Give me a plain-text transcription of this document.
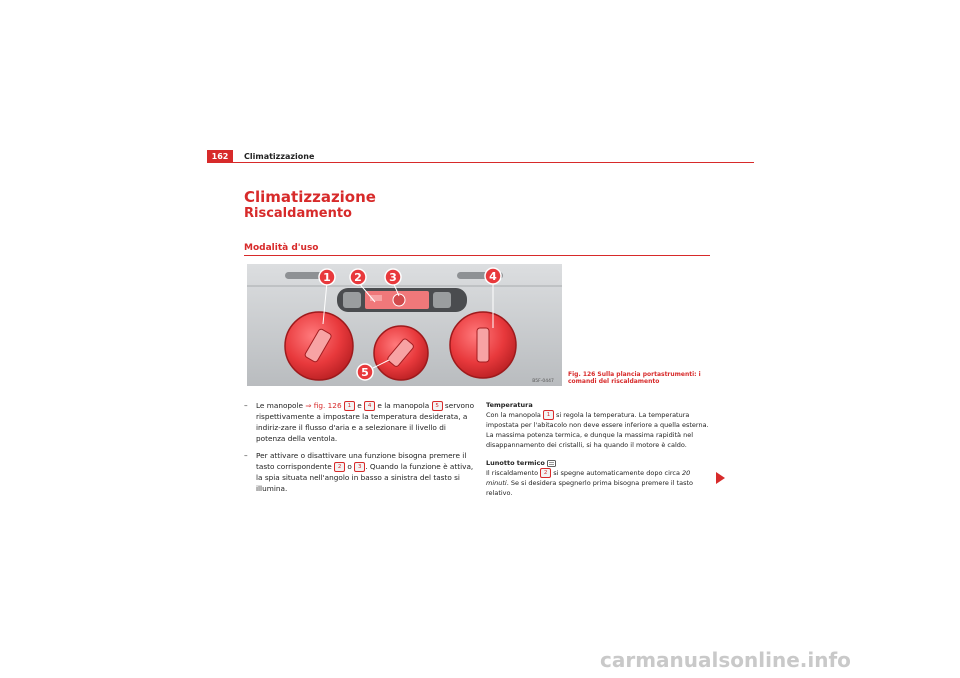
162	Climatizzazione
Climatizzazione
Riscaldamento
Modalità d'uso
1 2 3	4
5
B5F-0447
Fig. 126 Sulla plancia portastrumenti: i comandi del riscaldamento
–	Le manopole ⇒ fig. 126 1 e 4 e la manopola 5 servono rispettivamente a impostare la temperatura desiderata, a indiriz-zare il flusso d'aria e a selezionare il livello di potenza della ventola.
–	Per attivare o disattivare una funzione bisogna premere il tasto corrispondente 2 o 3 . Quando la funzione è attiva, la spia situata nell'angolo in basso a sinistra del tasto si illumina.
Temperatura

Con la manopola 1 si regola la temperatura. La temperatura impostata per l'abitacolo non deve essere inferiore a quella esterna. La massima potenza termica, e dunque la massima rapidità nel disappannamento dei cristalli, si ha quando il motore è caldo.

Lunotto termico

Il riscaldamento 2 si spegne automaticamente dopo circa 20 minuti. Se si desidera spegnerlo prima bisogna premere il tasto relativo.

carmanualsonline.info
